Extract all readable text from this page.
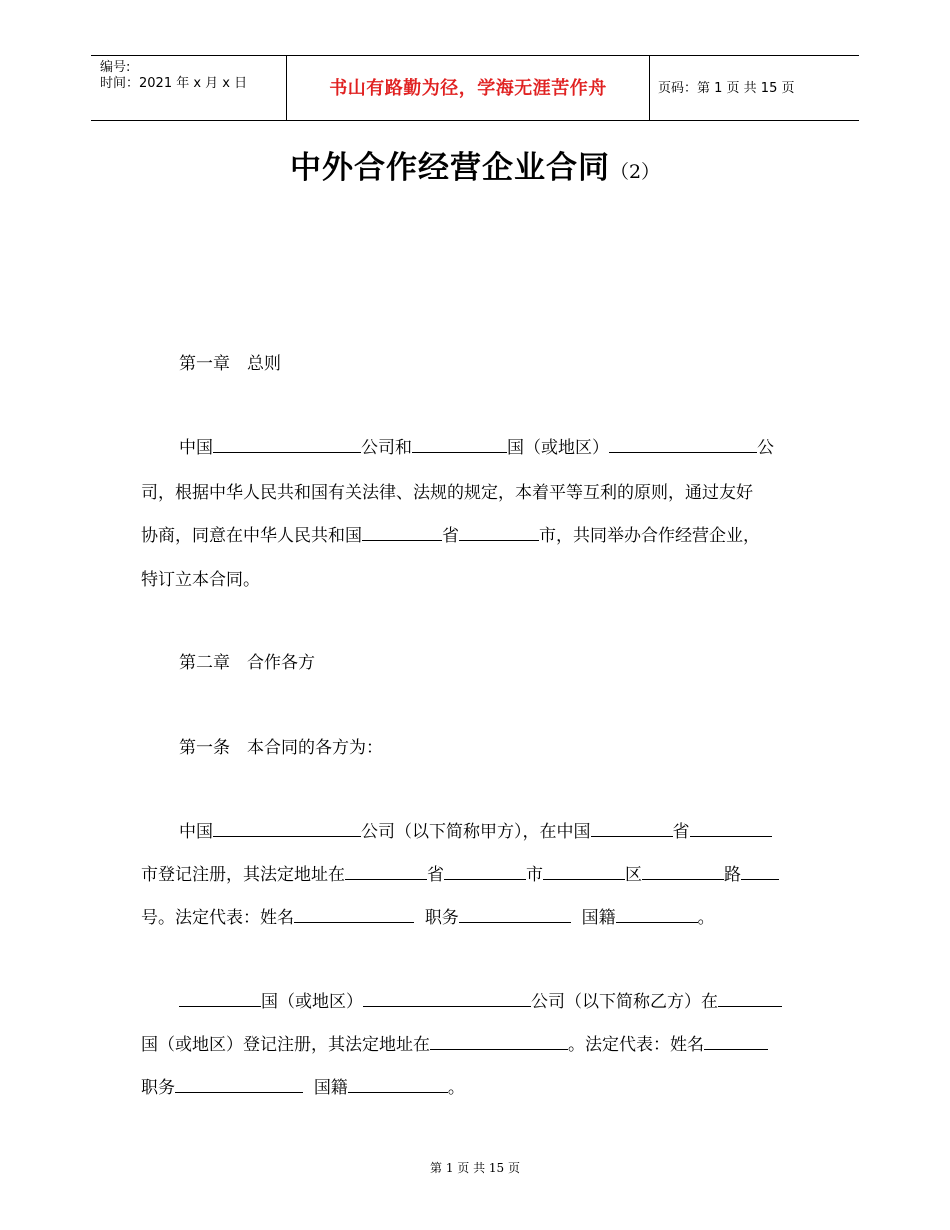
编号:
时间：2021 年 x 月 x 日	书山有路勤为径，学海无涯苦作舟	页码：第 1 页 共 15 页
中外合作经营企业合同（2）
第一章　总则
中国	公司和	国（或地区）	公
司，根据中华人民共和国有关法律、法规的规定，本着平等互利的原则，通过友好
协商，同意在中华人民共和国	省	市，共同举办合作经营企业，
特订立本合同。
第二章　合作各方
第一条　本合同的各方为：
中国	公司（以下简称甲方），在中国	省
市登记注册，其法定地址在	省	市	区	路
号。法定代表：姓名	职务	国籍	。
国（或地区）	公司（以下简称乙方）在
国（或地区）登记注册，其法定地址在	。法定代表：姓名
职务	国籍	。
第 1 页 共 15 页
